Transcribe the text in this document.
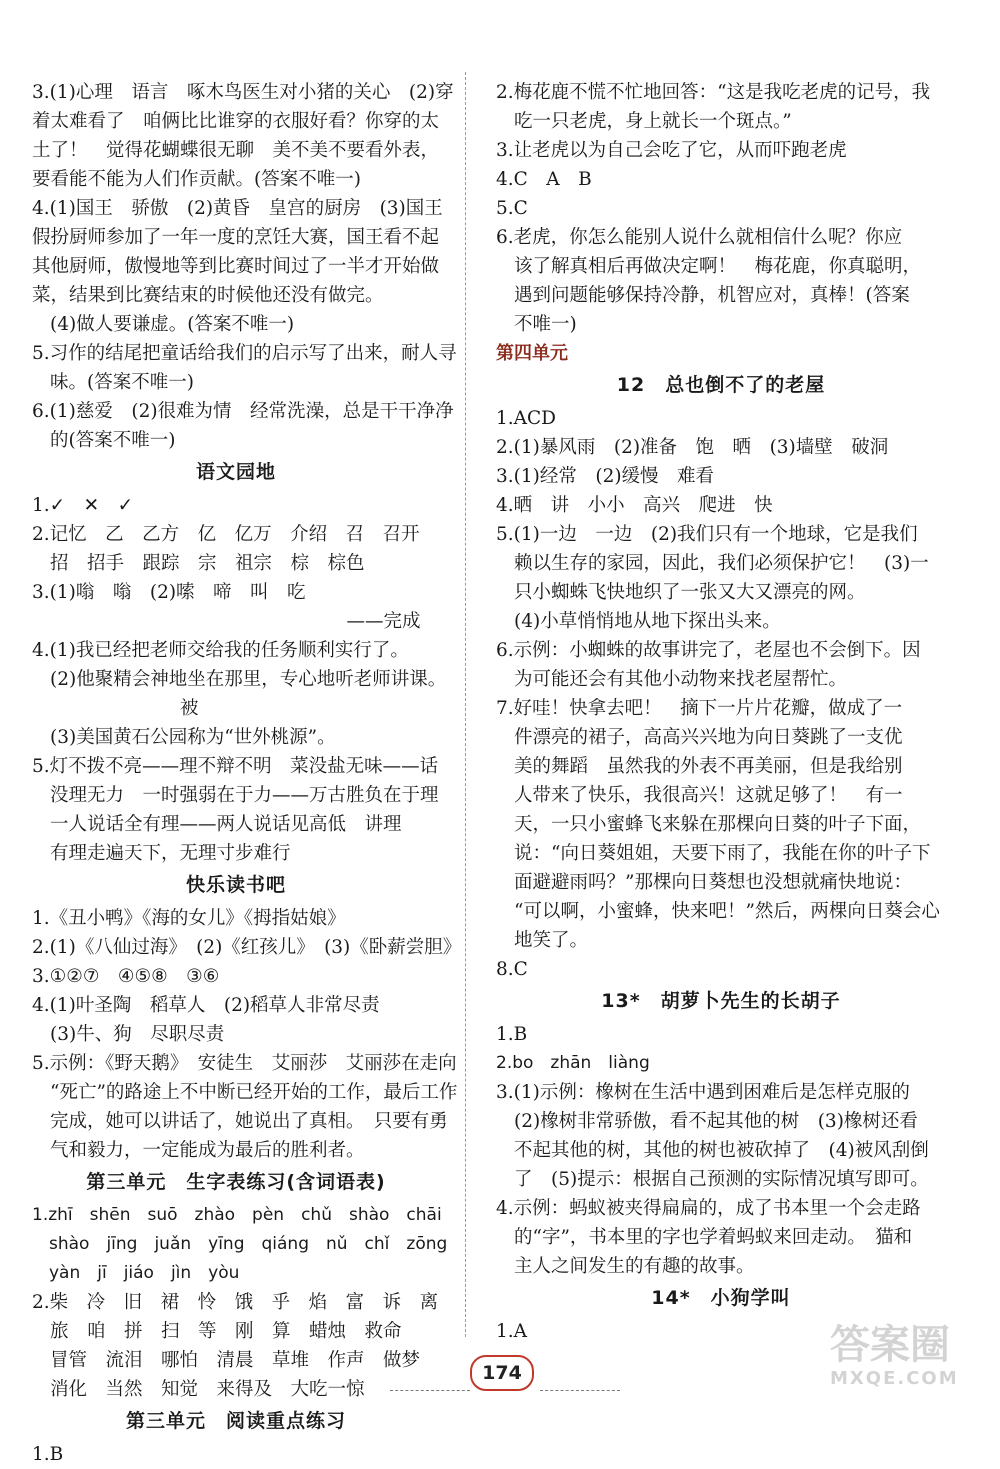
3.(1)心理　语言　啄木鸟医生对小猪的关心　(2)穿
着太难看了　咱俩比比谁穿的衣服好看？你穿的太
土了！　觉得花蝴蝶很无聊　美不美不要看外表，
要看能不能为人们作贡献。(答案不唯一)
4.(1)国王　骄傲　(2)黄昏　皇宫的厨房　(3)国王
假扮厨师参加了一年一度的烹饪大赛，国王看不起
其他厨师，傲慢地等到比赛时间过了一半才开始做
菜，结果到比赛结束的时候他还没有做完。
(4)做人要谦虚。(答案不唯一)
5.习作的结尾把童话给我们的启示写了出来，耐人寻
味。(答案不唯一)
6.(1)慈爱　(2)很难为情　经常洗澡，总是干干净净
的(答案不唯一)
语文园地
1.✓　✕　✓
2.记忆　乙　乙方　亿　亿万　介绍　召　召开
招　招手　跟踪　宗　祖宗　棕　棕色
3.(1)嗡　嗡　(2)嗦　啼　叫　吃
　　　　　　　　　　　　　　　　　——完成
4.(1)我已经把老师交给我的任务顺利实行了。
(2)他聚精会神地坐在那里，专心地听老师讲课。
　　　　　　　　被
(3)美国黄石公园称为“世外桃源”。
5.灯不拨不亮——理不辩不明　菜没盐无味——话
没理无力　一时强弱在于力——万古胜负在于理
一人说话全有理——两人说话见高低　讲理
有理走遍天下，无理寸步难行
快乐读书吧
1.《丑小鸭》《海的女儿》《拇指姑娘》
2.(1)《八仙过海》　(2)《红孩儿》　(3)《卧薪尝胆》
3.①②⑦　④⑤⑧　③⑥
4.(1)叶圣陶　稻草人　(2)稻草人非常尽责
(3)牛、狗　尽职尽责
5.示例：《野天鹅》　安徒生　艾丽莎　艾丽莎在走向
“死亡”的路途上不中断已经开始的工作，最后工作
完成，她可以讲话了，她说出了真相。　只要有勇
气和毅力，一定能成为最后的胜利者。
第三单元　生字表练习(含词语表)
1.zhī　shēn　suō　zhào　pèn　chǔ　shào　chāi
　shào　jīng　juǎn　yīng　qiáng　nǔ　chǐ　zōng
　yàn　jī　jiáo　jìn　yòu
2.柴　冷　旧　裙　怜　饿　乎　焰　富　诉　离
旅　咱　拼　扫　等　刚　算　蜡烛　救命
冒管　流泪　哪怕　清晨　草堆　作声　做梦
消化　当然　知觉　来得及　大吃一惊
第三单元　阅读重点练习
1.B
2.梅花鹿不慌不忙地回答：“这是我吃老虎的记号，我
吃一只老虎，身上就长一个斑点。”
3.让老虎以为自己会吃了它，从而吓跑老虎
4.C　A　B
5.C
6.老虎，你怎么能别人说什么就相信什么呢？你应
该了解真相后再做决定啊！　梅花鹿，你真聪明，
遇到问题能够保持冷静，机智应对，真棒！(答案
不唯一)
第四单元
12　总也倒不了的老屋
1.ACD
2.(1)暴风雨　(2)准备　饱　晒　(3)墙壁　破洞
3.(1)经常　(2)缓慢　难看
4.晒　讲　小小　高兴　爬进　快
5.(1)一边　一边　(2)我们只有一个地球，它是我们
赖以生存的家园，因此，我们必须保护它！　(3)一
只小蜘蛛飞快地织了一张又大又漂亮的网。
(4)小草悄悄地从地下探出头来。
6.示例：小蜘蛛的故事讲完了，老屋也不会倒下。因
为可能还会有其他小动物来找老屋帮忙。
7.好哇！快拿去吧！　摘下一片片花瓣，做成了一
件漂亮的裙子，高高兴兴地为向日葵跳了一支优
美的舞蹈　虽然我的外表不再美丽，但是我给别
人带来了快乐，我很高兴！这就足够了！　有一
天，一只小蜜蜂飞来躲在那棵向日葵的叶子下面，
说：“向日葵姐姐，天要下雨了，我能在你的叶子下
面避避雨吗？”那棵向日葵想也没想就痛快地说：
“可以啊，小蜜蜂，快来吧！”然后，两棵向日葵会心
地笑了。
8.C
13*　胡萝卜先生的长胡子
1.B
2.bo　zhān　liàng
3.(1)示例：橡树在生活中遇到困难后是怎样克服的
(2)橡树非常骄傲，看不起其他的树　(3)橡树还看
不起其他的树，其他的树也被砍掉了　(4)被风刮倒
了　(5)提示：根据自己预测的实际情况填写即可。
4.示例：蚂蚁被夹得扁扁的，成了书本里一个会走路
的“字”，书本里的字也学着蚂蚁来回走动。　猫和
主人之间发生的有趣的故事。
14*　小狗学叫
1.A
174
答案圈
MXQE.COM
